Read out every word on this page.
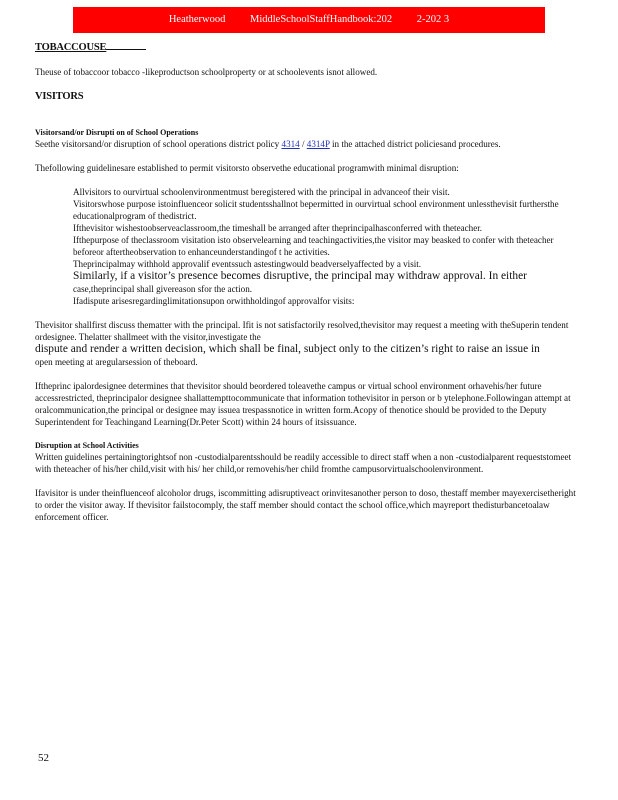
Heatherwood MiddleSchoolStaffHandbook:202 2-202 3
TOBACCOUSE

Theuse of tobaccoor tobacco -likeproductson schoolproperty or at schoolevents isnot allowed.

VISITORS
Visitorsand/or Disrupti on of School Operations

Seethe visitorsand/or disruption of school operations district policy 4314 / 4314P in the attached district policiesand procedures.

Thefollowing guidelinesare established to permit visitorsto observethe educational programwith minimal disruption:

Allvisitors to ourvirtual schoolenvironmentmust beregistered with the principal in advanceof their visit.
Visitorswhose purpose istoinfluenceor solicit studentsshallnot bepermitted in ourvirtual school environment unlessthevisit furthersthe educationalprogram of thedistrict.
Ifthevisitor wishestoobserveaclassroom,the timeshall be arranged after theprincipalhasconferred with theteacher.
Ifthepurpose of theclassroom visitation isto observelearning and teachingactivities,the visitor may beasked to confer with theteacher beforeor aftertheobservation to enhanceunderstandingof t he activities.
Theprincipalmay withhold approvalif eventssuch astestingwould beadverselyaffected by a visit.
Similarly, if a visitor’s presence becomes disruptive, the principal may withdraw approval. In either
case,theprincipal shall givereason sfor the action.
Ifadispute arisesregardinglimitationsupon orwithholdingof approvalfor visits:

Thevisitor shallfirst discuss thematter with the principal. Ifit is not satisfactorily resolved,thevisitor may request a meeting with theSuperin tendent ordesignee. Thelatter shallmeet with the visitor,investigate the
dispute and render a written decision, which shall be final, subject only to the citizen’s right to raise an issue in
open meeting at aregularsession of theboard.

Iftheprinc ipalordesignee determines that thevisitor should beordered toleavethe campus or virtual school environment orhavehis/her future accessrestricted, theprincipalor designee shallattempttocommunicate that information tothevisitor in person or b ytelephone.Followingan attempt at oralcommunication,the principal or designee may issuea trespassnotice in written form.Acopy of thenotice should be provided to the Deputy Superintendent for Teachingand Learning(Dr.Peter Scott) within 24 hours of itsissuance.

Disruption at School Activities

Written guidelines pertainingtorightsof non -custodialparentsshould be readily accessible to direct staff when a non -custodialparent requeststomeet with theteacher of his/her child,visit with his/ her child,or removehis/her child fromthe campusorvirtualschoolenvironment.

Ifavisitor is under theinfluenceof alcoholor drugs, iscommitting adisruptiveact orinvitesanother person to doso, thestaff member mayexercisetheright to order the visitor away. If thevisitor failstocomply, the staff member should contact the school office,which mayreport thedisturbancetoalaw enforcement officer.

52
